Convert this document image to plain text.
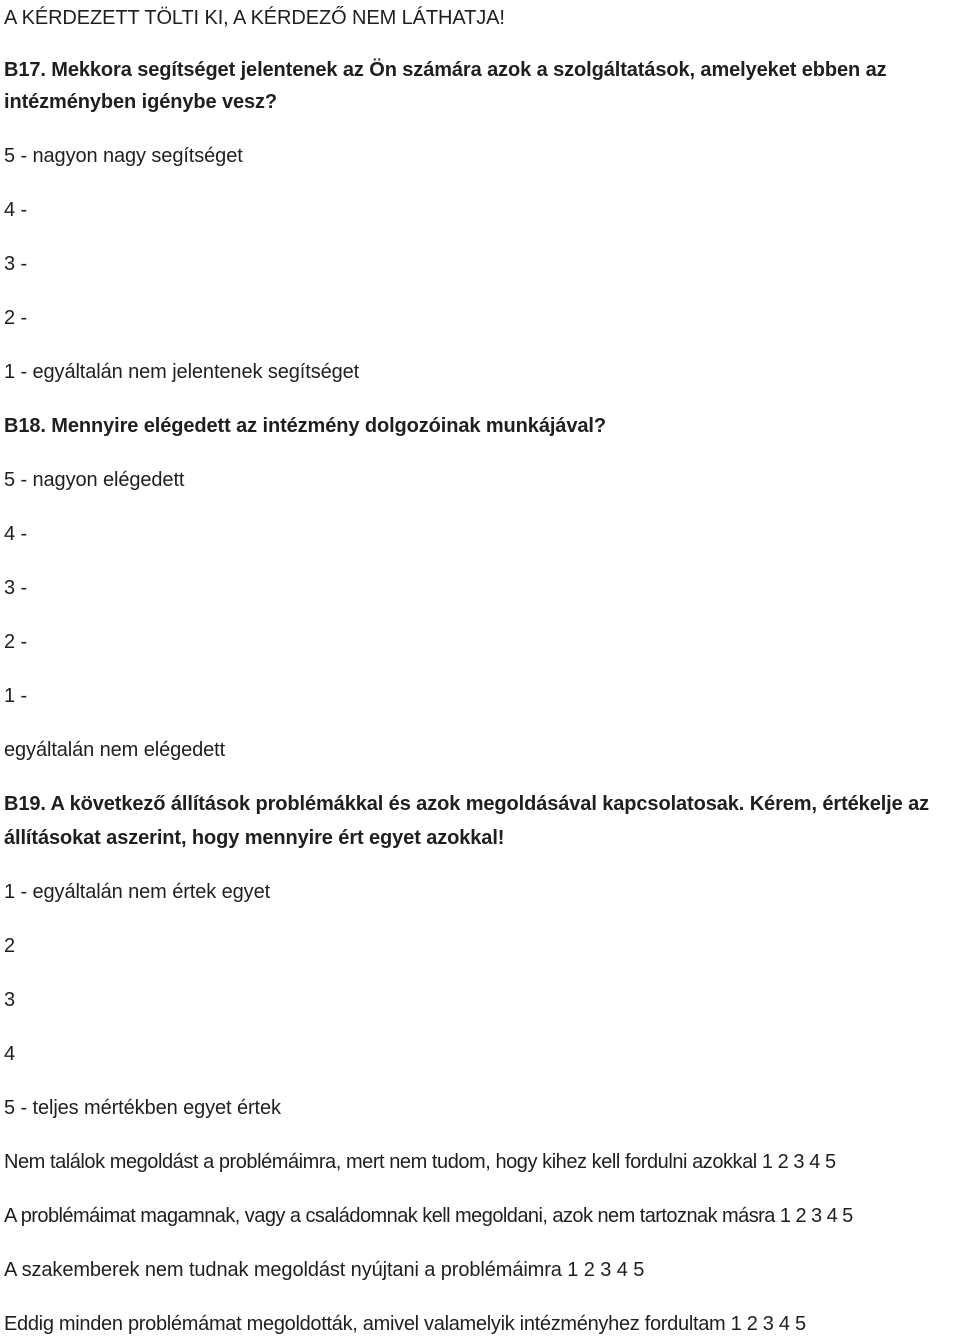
A KÉRDEZETT TÖLTI KI, A KÉRDEZŐ NEM LÁTHATJA!
B17. Mekkora segítséget jelentenek az Ön számára azok a szolgáltatások, amelyeket ebben az
intézményben igénybe vesz?
5 - nagyon nagy segítséget
4 -
3 -
2 -
1 - egyáltalán nem jelentenek segítséget
B18. Mennyire elégedett az intézmény dolgozóinak munkájával?
5 - nagyon elégedett
4 -
3 -
2 -
1 -
egyáltalán nem elégedett
B19. A következő állítások problémákkal és azok megoldásával kapcsolatosak. Kérem, értékelje az
állításokat aszerint, hogy mennyire ért egyet azokkal!
1 - egyáltalán nem értek egyet
2
3
4
5 - teljes mértékben egyet értek
Nem találok megoldást a problémáimra, mert nem tudom, hogy kihez kell fordulni azokkal 1 2 3 4 5
A problémáimat magamnak, vagy a családomnak kell megoldani, azok nem tartoznak másra 1 2 3 4 5
A szakemberek nem tudnak megoldást nyújtani a problémáimra 1 2 3 4 5
Eddig minden problémámat megoldották, amivel valamelyik intézményhez fordultam 1 2 3 4 5
